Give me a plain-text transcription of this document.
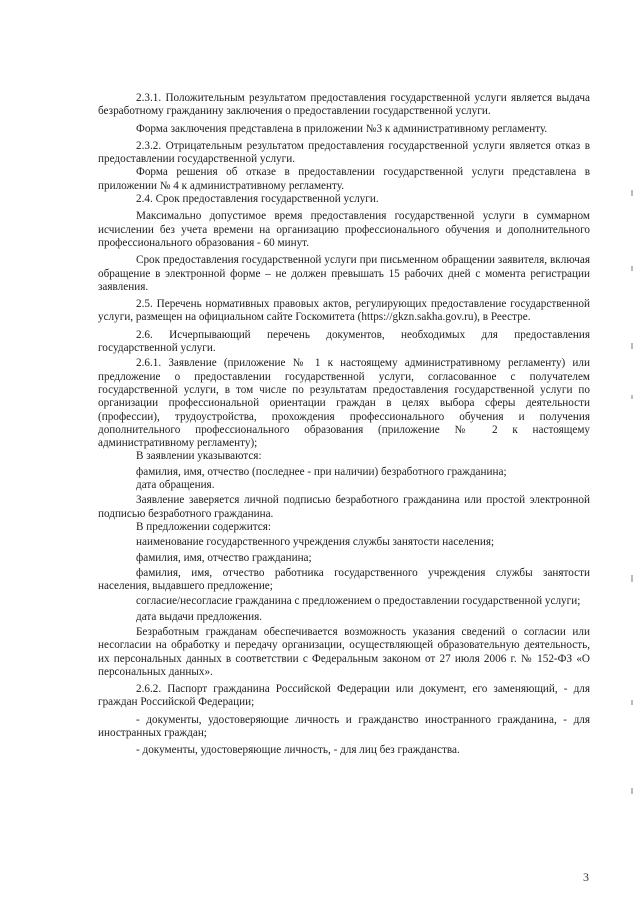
2.3.1. Положительным результатом предоставления государственной услуги является выдача безработному гражданину заключения о предоставлении государственной услуги.

Форма заключения представлена в приложении №3 к административному регламенту.

2.3.2. Отрицательным результатом предоставления государственной услуги является отказ в предоставлении государственной услуги.

Форма решения об отказе в предоставлении государственной услуги представлена в приложении № 4 к административному регламенту.

2.4. Срок предоставления государственной услуги.

Максимально допустимое время предоставления государственной услуги в суммарном исчислении без учета времени на организацию профессионального обучения и дополнительного профессионального образования - 60 минут.

Срок предоставления государственной услуги при письменном обращении заявителя, включая обращение в электронной форме – не должен превышать 15 рабочих дней с момента регистрации заявления.

2.5. Перечень нормативных правовых актов, регулирующих предоставление государственной услуги, размещен на официальном сайте Госкомитета (https://gkzn.sakha.gov.ru), в Реестре.

2.6. Исчерпывающий перечень документов, необходимых для предоставления государственной услуги.

2.6.1. Заявление (приложение № 1 к настоящему административному регламенту) или предложение о предоставлении государственной услуги, согласованное с получателем государственной услуги, в том числе по результатам предоставления государственной услуги по организации профессиональной ориентации граждан в целях выбора сферы деятельности (профессии), трудоустройства, прохождения профессионального обучения и получения дополнительного профессионального образования (приложение № 2 к настоящему административному регламенту);

В заявлении указываются:

фамилия, имя, отчество (последнее - при наличии) безработного гражданина;

дата обращения.

Заявление заверяется личной подписью безработного гражданина или простой электронной подписью безработного гражданина.

В предложении содержится:

наименование государственного учреждения службы занятости населения;

фамилия, имя, отчество гражданина;

фамилия, имя, отчество работника государственного учреждения службы занятости населения, выдавшего предложение;

согласие/несогласие гражданина с предложением о предоставлении государственной услуги;

дата выдачи предложения.

Безработным гражданам обеспечивается возможность указания сведений о согласии или несогласии на обработку и передачу организации, осуществляющей образовательную деятельность, их персональных данных в соответствии с Федеральным законом от 27 июля 2006 г. № 152-ФЗ «О персональных данных».

2.6.2. Паспорт гражданина Российской Федерации или документ, его заменяющий, - для граждан Российской Федерации;

- документы, удостоверяющие личность и гражданство иностранного гражданина, - для иностранных граждан;

- документы, удостоверяющие личность, - для лиц без гражданства.

3
